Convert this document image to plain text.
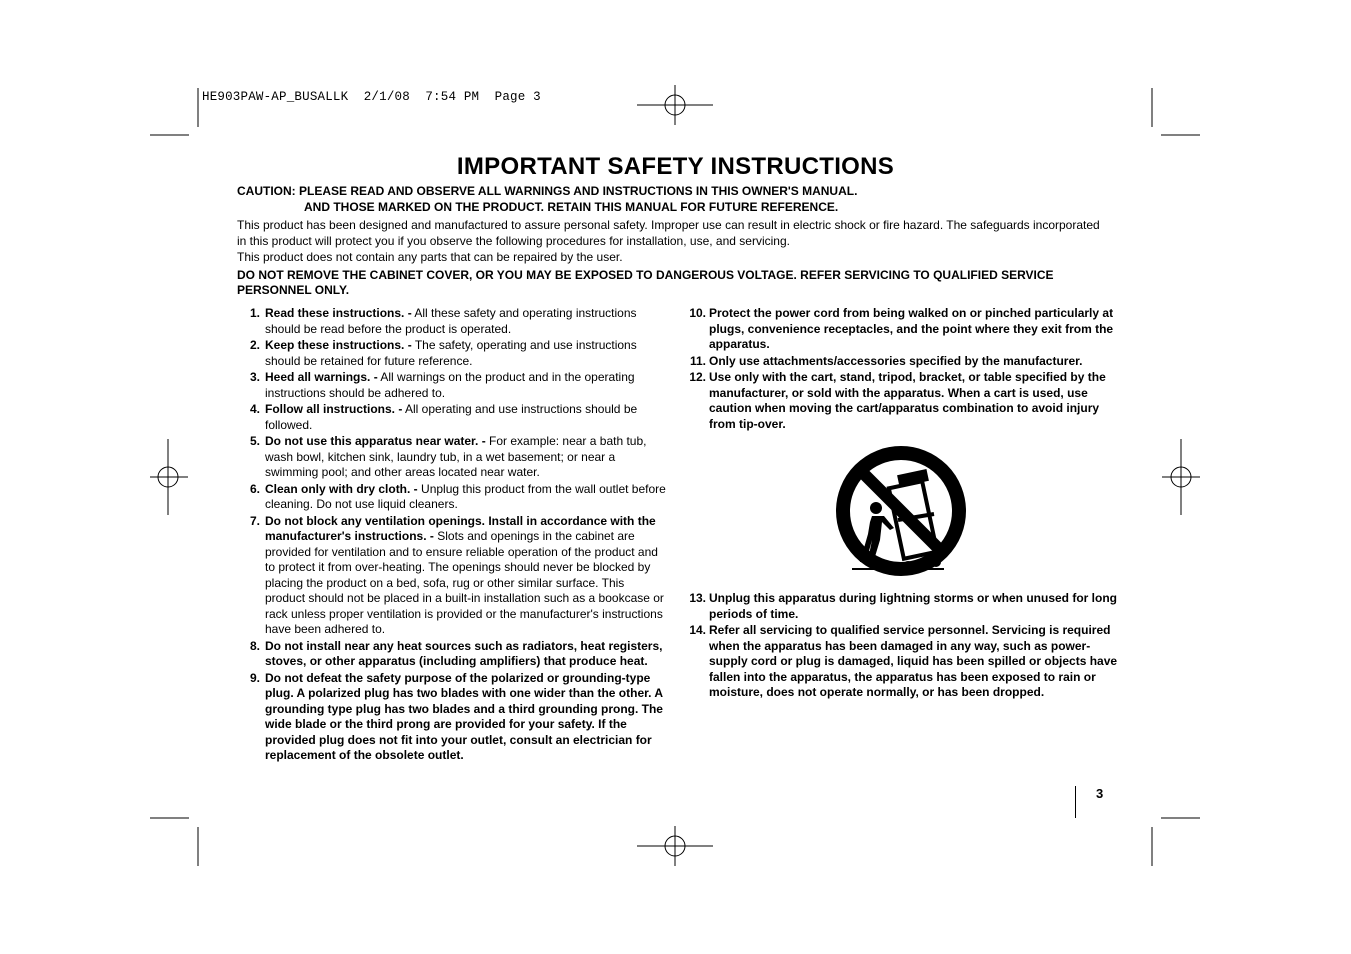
HE903PAW-AP_BUSALLK  2/1/08  7:54 PM  Page 3
IMPORTANT SAFETY INSTRUCTIONS
CAUTION: PLEASE READ AND OBSERVE ALL WARNINGS AND INSTRUCTIONS IN THIS OWNER'S MANUAL.
AND THOSE MARKED ON THE PRODUCT. RETAIN THIS MANUAL FOR FUTURE REFERENCE.
This product has been designed and manufactured to assure personal safety. Improper use can result in electric shock or fire hazard. The safeguards incorporated in this product will protect you if you observe the following procedures for installation, use, and servicing.
This product does not contain any parts that can be repaired by the user.
DO NOT REMOVE THE CABINET COVER, OR YOU MAY BE EXPOSED TO DANGEROUS VOLTAGE. REFER SERVICING TO QUALIFIED SERVICE PERSONNEL ONLY.
1. Read these instructions. - All these safety and operating instructions should be read before the product is operated.
2. Keep these instructions. - The safety, operating and use instructions should be retained for future reference.
3. Heed all warnings. - All warnings on the product and in the operating instructions should be adhered to.
4. Follow all instructions. - All operating and use instructions should be followed.
5. Do not use this apparatus near water. - For example: near a bath tub, wash bowl, kitchen sink, laundry tub, in a wet basement; or near a swimming pool; and other areas located near water.
6. Clean only with dry cloth. - Unplug this product from the wall outlet before cleaning. Do not use liquid cleaners.
7. Do not block any ventilation openings. Install in accordance with the manufacturer's instructions. - Slots and openings in the cabinet are provided for ventilation and to ensure reliable operation of the product and to protect it from over-heating. The openings should never be blocked by placing the product on a bed, sofa, rug or other similar surface. This product should not be placed in a built-in installation such as a bookcase or rack unless proper ventilation is provided or the manufacturer's instructions have been adhered to.
8. Do not install near any heat sources such as radiators, heat registers, stoves, or other apparatus (including amplifiers) that produce heat.
9. Do not defeat the safety purpose of the polarized or grounding-type plug. A polarized plug has two blades with one wider than the other. A grounding type plug has two blades and a third grounding prong. The wide blade or the third prong are provided for your safety. If the provided plug does not fit into your outlet, consult an electrician for replacement of the obsolete outlet.
10. Protect the power cord from being walked on or pinched particularly at plugs, convenience receptacles, and the point where they exit from the apparatus.
11. Only use attachments/accessories specified by the manufacturer.
12. Use only with the cart, stand, tripod, bracket, or table specified by the manufacturer, or sold with the apparatus. When a cart is used, use caution when moving the cart/apparatus combination to avoid injury from tip-over.
13. Unplug this apparatus during lightning storms or when unused for long periods of time.
14. Refer all servicing to qualified service personnel. Servicing is required when the apparatus has been damaged in any way, such as power-supply cord or plug is damaged, liquid has been spilled or objects have fallen into the apparatus, the apparatus has been exposed to rain or moisture, does not operate normally, or has been dropped.
3
